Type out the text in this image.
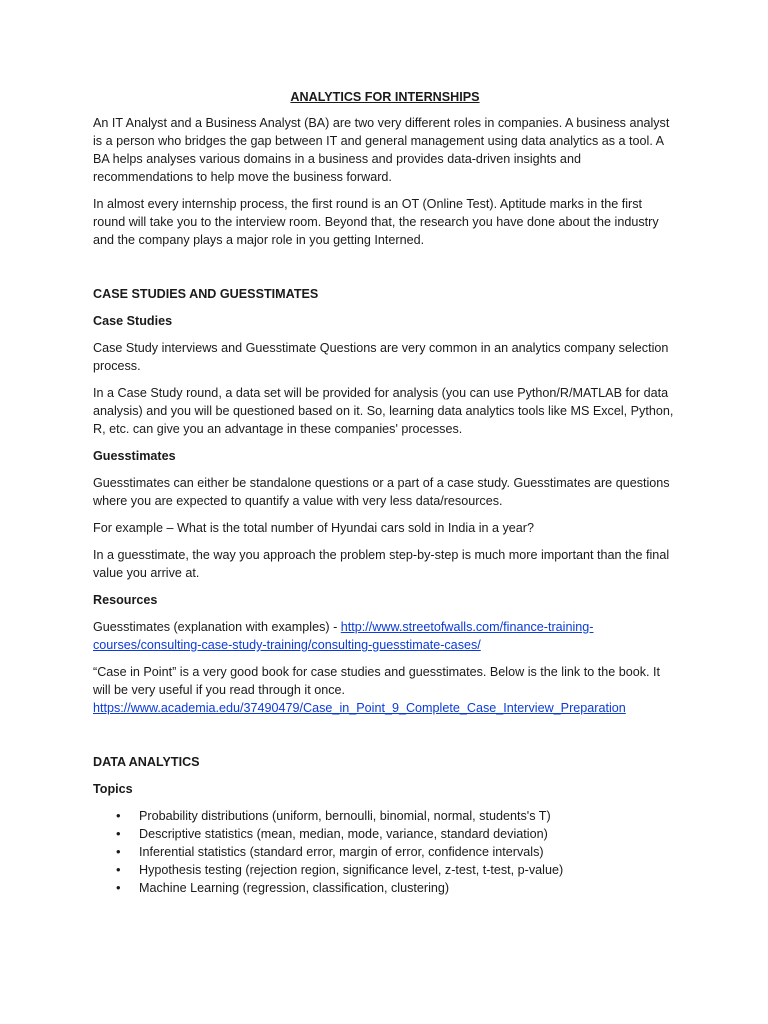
ANALYTICS FOR INTERNSHIPS

An IT Analyst and a Business Analyst (BA) are two very different roles in companies. A business analyst is a person who bridges the gap between IT and general management using data analytics as a tool. A BA helps analyses various domains in a business and provides data-driven insights and recommendations to help move the business forward.

In almost every internship process, the first round is an OT (Online Test). Aptitude marks in the first round will take you to the interview room. Beyond that, the research you have done about the industry and the company plays a major role in you getting Interned.

CASE STUDIES AND GUESSTIMATES
Case Studies

Case Study interviews and Guesstimate Questions are very common in an analytics company selection process.

In a Case Study round, a data set will be provided for analysis (you can use Python/R/MATLAB for data analysis) and you will be questioned based on it. So, learning data analytics tools like MS Excel, Python, R, etc. can give you an advantage in these companies' processes.

Guesstimates

Guesstimates can either be standalone questions or a part of a case study. Guesstimates are questions where you are expected to quantify a value with very less data/resources.

For example – What is the total number of Hyundai cars sold in India in a year?

In a guesstimate, the way you approach the problem step-by-step is much more important than the final value you arrive at.

Resources

Guesstimates (explanation with examples) - http://www.streetofwalls.com/finance-training-courses/consulting-case-study-training/consulting-guesstimate-cases/

“Case in Point” is a very good book for case studies and guesstimates. Below is the link to the book. It will be very useful if you read through it once.
https://www.academia.edu/37490479/Case_in_Point_9_Complete_Case_Interview_Preparation

DATA ANALYTICS
Topics
• Probability distributions (uniform, bernoulli, binomial, normal, students's T)
• Descriptive statistics (mean, median, mode, variance, standard deviation)
• Inferential statistics (standard error, margin of error, confidence intervals)
• Hypothesis testing (rejection region, significance level, z-test, t-test, p-value)
• Machine Learning (regression, classification, clustering)
